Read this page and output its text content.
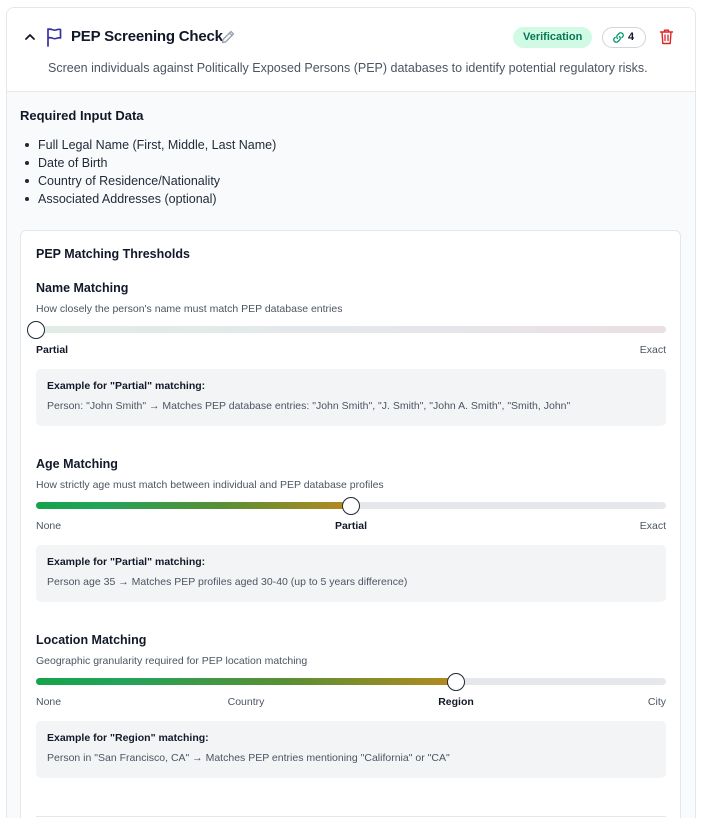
PEP Screening Check	Verification	4
Screen individuals against Politically Exposed Persons (PEP) databases to identify potential regulatory risks.
Required Input Data
Full Legal Name (First, Middle, Last Name)
Date of Birth
Country of Residence/Nationality
Associated Addresses (optional)
PEP Matching Thresholds
Name Matching
How closely the person's name must match PEP database entries
Partial	Exact
Example for "Partial" matching:
Person: "John Smith" → Matches PEP database entries: "John Smith", "J. Smith", "John A. Smith", "Smith, John"
Age Matching
How strictly age must match between individual and PEP database profiles
None	Partial	Exact
Example for "Partial" matching:
Person age 35 → Matches PEP profiles aged 30-40 (up to 5 years difference)
Location Matching
Geographic granularity required for PEP location matching
None	Country	Region	City
Example for "Region" matching:
Person in "San Francisco, CA" → Matches PEP entries mentioning "California" or "CA"
